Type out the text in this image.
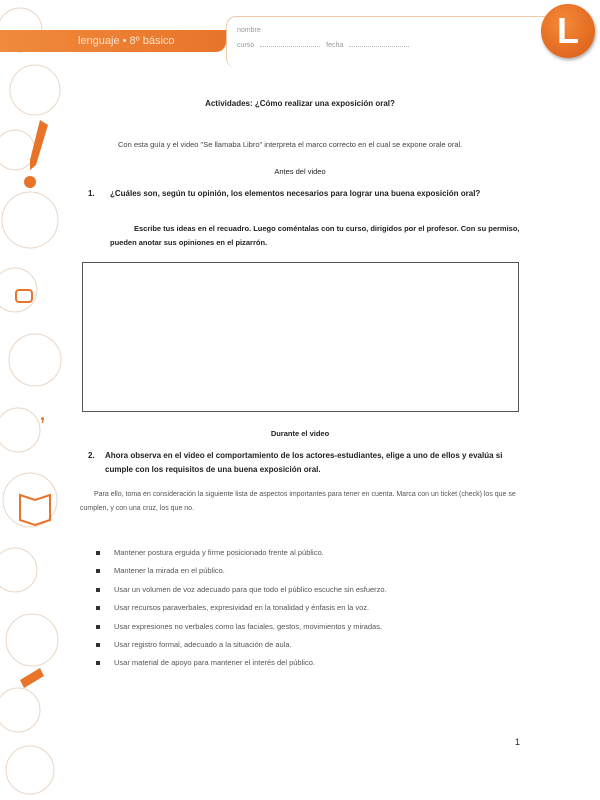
,
lenguaje • 8º básico
nombre
curso	fecha	L
Actividades: ¿Cómo realizar una exposición oral?
Con esta guía y el video "Se llamaba Libro" interpreta el marco correcto en el cual se expone orale oral.
Antes del video
1.	¿Cuáles son, según tu opinión, los elementos necesarios para lograr una buena exposición oral?
Escribe tus ideas en el recuadro. Luego coméntalas con tu curso, dirigidos por el profesor. Con su permiso, pueden anotar sus opiniones en el pizarrón.
Durante el video
2.	Ahora observa en el video el comportamiento de los actores-estudiantes, elige a uno de ellos y evalúa si cumple con los requisitos de una buena exposición oral.
Para ello, toma en consideración la siguiente lista de aspectos importantes para tener en cuenta. Marca con un ticket (check) los que se cumplen, y con una cruz, los que no.
Mantener postura erguida y firme posicionado frente al público.
Mantener la mirada en el público.
Usar un volumen de voz adecuado para que todo el público escuche sin esfuerzo.
Usar recursos paraverbales, expresividad en la tonalidad y énfasis en la voz.
Usar expresiones no verbales como las faciales, gestos, movimientos y miradas.
Usar registro formal, adecuado a la situación de aula.
Usar material de apoyo para mantener el interés del público.
1
